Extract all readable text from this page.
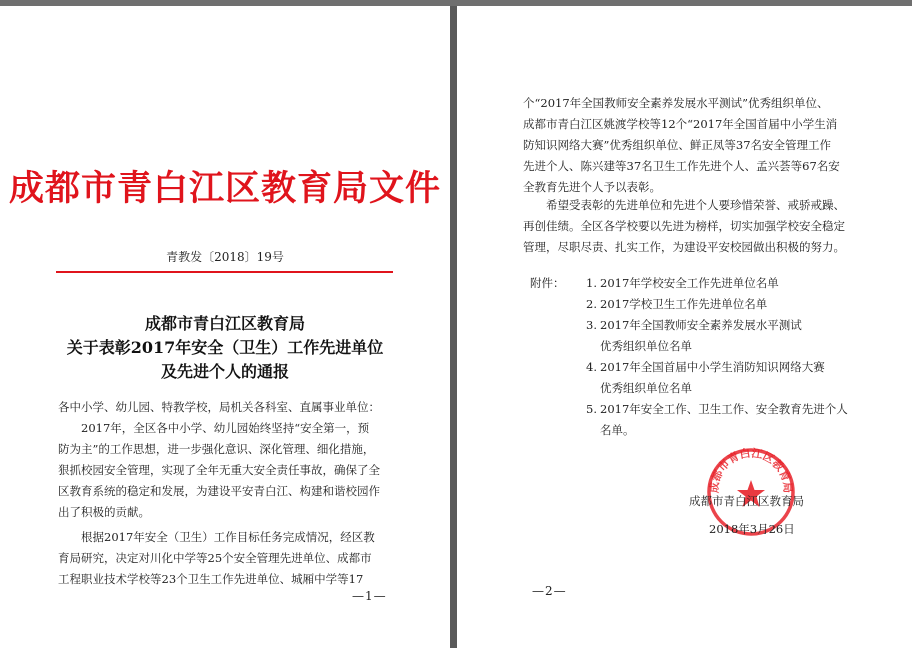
成都市青白江区教育局文件
青教发〔2018〕19号
成都市青白江区教育局
关于表彰2017年安全（卫生）工作先进单位
及先进个人的通报

各中小学、幼儿园、特教学校，局机关各科室、直属事业单位：

2017年，全区各中小学、幼儿园始终坚持“安全第一，预

防为主”的工作思想，进一步强化意识、深化管理、细化措施，

狠抓校园安全管理，实现了全年无重大安全责任事故，确保了全

区教育系统的稳定和发展，为建设平安青白江、构建和谐校园作

出了积极的贡献。

根据2017年安全（卫生）工作目标任务完成情况，经区教

育局研究，决定对川化中学等25个安全管理先进单位、成都市

工程职业技术学校等23个卫生工作先进单位、城厢中学等17

—1—

个“2017年全国教师安全素养发展水平测试”优秀组织单位、

成都市青白江区姚渡学校等12个“2017年全国首届中小学生消

防知识网络大赛”优秀组织单位、鲜正凤等37名安全管理工作

先进个人、陈兴建等37名卫生工作先进个人、孟兴荟等67名安

全教育先进个人予以表彰。

希望受表彰的先进单位和先进个人要珍惜荣誉、戒骄戒躁、

再创佳绩。全区各学校要以先进为榜样，切实加强学校安全稳定

管理，尽职尽责、扎实工作，为建设平安校园做出积极的努力。

附件：	1. 2017年学校安全工作先进单位名单
2. 2017学校卫生工作先进单位名单
3. 2017年全国教师安全素养发展水平测试
优秀组织单位名单
4. 2017年全国首届中小学生消防知识网络大赛
优秀组织单位名单
5. 2017年安全工作、卫生工作、安全教育先进个人
名单。
成都市青白江区教育局
成都市青白江区教育局
2018年3月26日
—2—
